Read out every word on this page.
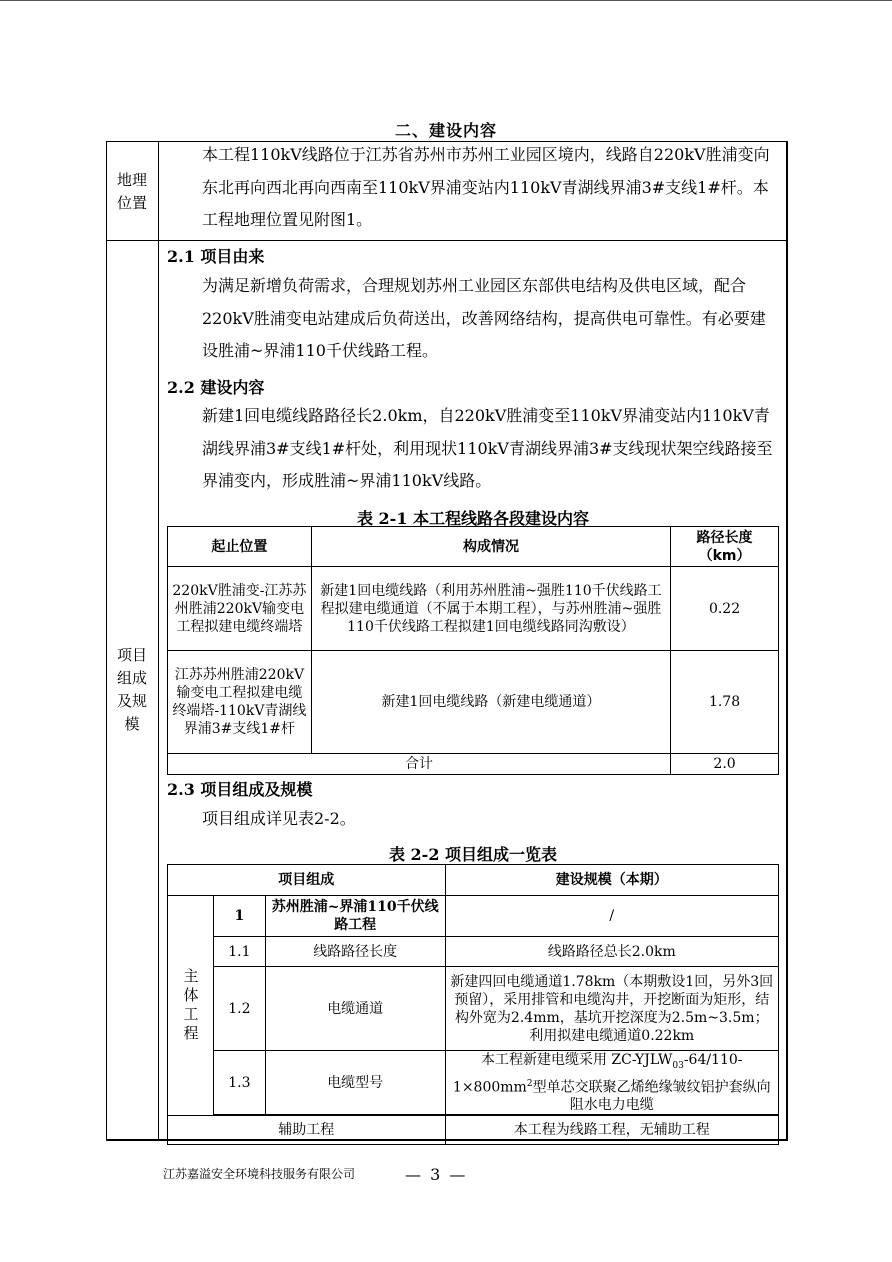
二、建设内容
地理
位置
本工程110kV线路位于江苏省苏州市苏州工业园区境内，线路自220kV胜浦变向东北再向西北再向西南至110kV界浦变站内110kV青湖线界浦3#支线1#杆。本工程地理位置见附图1。
项目
组成
及规
模
2.1 项目由来
为满足新增负荷需求，合理规划苏州工业园区东部供电结构及供电区域，配合220kV胜浦变电站建成后负荷送出，改善网络结构，提高供电可靠性。有必要建设胜浦~界浦110千伏线路工程。
2.2 建设内容
新建1回电缆线路路径长2.0km，自220kV胜浦变至110kV界浦变站内110kV青湖线界浦3#支线1#杆处，利用现状110kV青湖线界浦3#支线现状架空线路接至界浦变内，形成胜浦~界浦110kV线路。
表 2-1 本工程线路各段建设内容
起止位置	构成情况	路径长度（km）
220kV胜浦变-江苏苏州胜浦220kV输变电工程拟建电缆终端塔	新建1回电缆线路（利用苏州胜浦~强胜110千伏线路工程拟建电缆通道（不属于本期工程），与苏州胜浦~强胜110千伏线路工程拟建1回电缆线路同沟敷设）	0.22
江苏苏州胜浦220kV输变电工程拟建电缆终端塔-110kV青湖线界浦3#支线1#杆	新建1回电缆线路（新建电缆通道）	1.78
合计		2.0
2.3 项目组成及规模
项目组成详见表2-2。
表 2-2 项目组成一览表
项目组成			建设规模（本期）
主体工程	1	苏州胜浦~界浦110千伏线路工程	/
	1.1	线路路径长度	线路路径总长2.0km
	1.2	电缆通道	新建四回电缆通道1.78km（本期敷设1回，另外3回预留），采用排管和电缆沟井，开挖断面为矩形，结构外宽为2.4mm，基坑开挖深度为2.5m~3.5m；利用拟建电缆通道0.22km
	1.3	电缆型号	本工程新建电缆采用 $ZC-YJLW_{03}-64/110-1\times 800mm^2$型单芯交联聚乙烯绝缘皱纹铝护套纵向阻水电力电缆

辅助工程			本工程为线路工程，无辅助工程
江苏嘉溢安全环境科技服务有限公司	— 3 —
